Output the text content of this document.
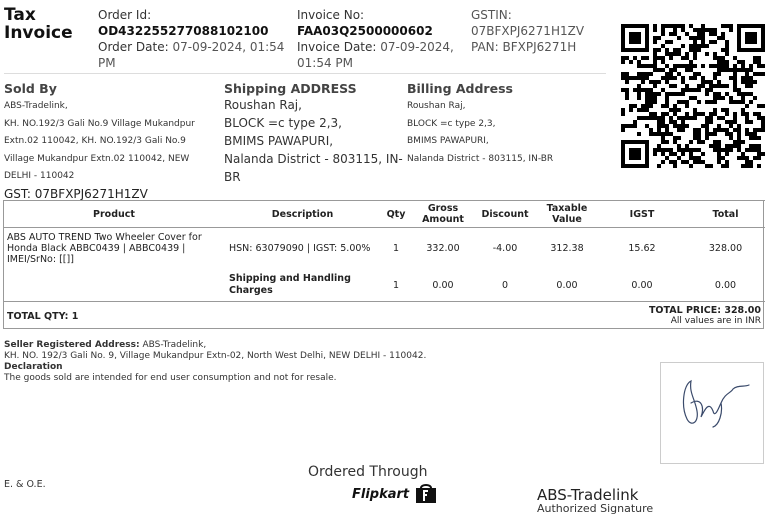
Tax
Invoice
Order Id:
OD432255277088102100
Order Date: 07-09-2024, 01:54 PM
Invoice No:
FAA03Q2500000602
Invoice Date: 07-09-2024, 01:54 PM
GSTIN:
07BFXPJ6271H1ZV
PAN: BFXPJ6271H
Sold By
ABS-Tradelink,
KH. NO.192/3 Gali No.9 Village Mukandpur
Extn.02 110042, KH. NO.192/3 Gali No.9
Village Mukandpur Extn.02 110042, NEW
DELHI - 110042
GST: 07BFXPJ6271H1ZV
Shipping ADDRESS
Roushan Raj,
BLOCK =c type 2,3,
BMIMS PAWAPURI,
Nalanda District - 803115, IN-
BR
Billing Address
Roushan Raj,
BLOCK =c type 2,3,
BMIMS PAWAPURI,
Nalanda District - 803115, IN-BR
Product	Description	Qty	Gross Amount	Discount	Taxable Value	IGST	Total
ABS AUTO TREND Two Wheeler Cover for Honda Black ABBC0439 | ABBC0439 | IMEI/SrNo: [[]]	HSN: 63079090 | IGST: 5.00%	1	332.00	-4.00	312.38	15.62	328.00
	Shipping and Handling Charges	1	0.00	0	0.00	0.00	0.00
TOTAL QTY: 1				TOTAL PRICE: 328.00
All values are in INR			
Seller Registered Address: ABS-Tradelink,
KH. NO. 192/3 Gali No. 9, Village Mukandpur Extn-02, North West Delhi, NEW DELHI - 110042.
Declaration
The goods sold are intended for end user consumption and not for resale.
E. & O.E.
Ordered Through
Flipkart	ABS-Tradelink
Authorized Signature
